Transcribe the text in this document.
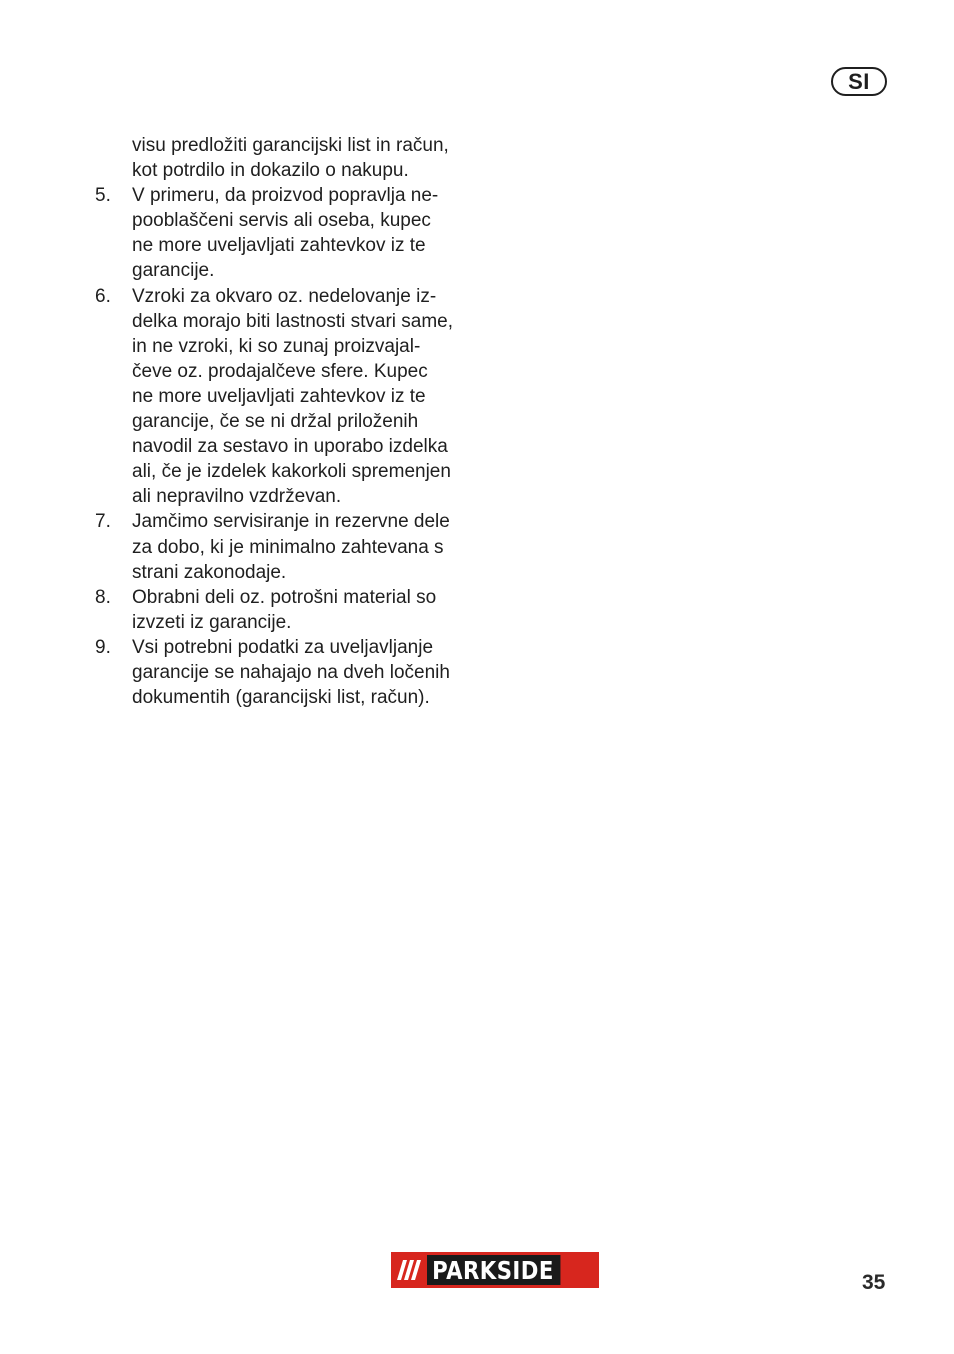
SI
visu predložiti garancijski list in račun,
kot potrdilo in dokazilo o nakupu.
5. V primeru, da proizvod popravlja ne-
pooblaščeni servis ali oseba, kupec
ne more uveljavljati zahtevkov iz te
garancije.
6. Vzroki za okvaro oz. nedelovanje iz-
delka morajo biti lastnosti stvari same,
in ne vzroki, ki so zunaj proizvajal-
čeve oz. prodajalčeve sfere. Kupec
ne more uveljavljati zahtevkov iz te
garancije, če se ni držal priloženih
navodil za sestavo in uporabo izdelka
ali, če je izdelek kakorkoli spremenjen
ali nepravilno vzdrževan.
7. Jamčimo servisiranje in rezervne dele
za dobo, ki je minimalno zahtevana s
strani zakonodaje.
8. Obrabni deli oz. potrošni material so
izvzeti iz garancije.
9. Vsi potrebni podatki za uveljavljanje
garancije se nahajajo na dveh ločenih
dokumentih (garancijski list, račun).
PARKSIDE	35
